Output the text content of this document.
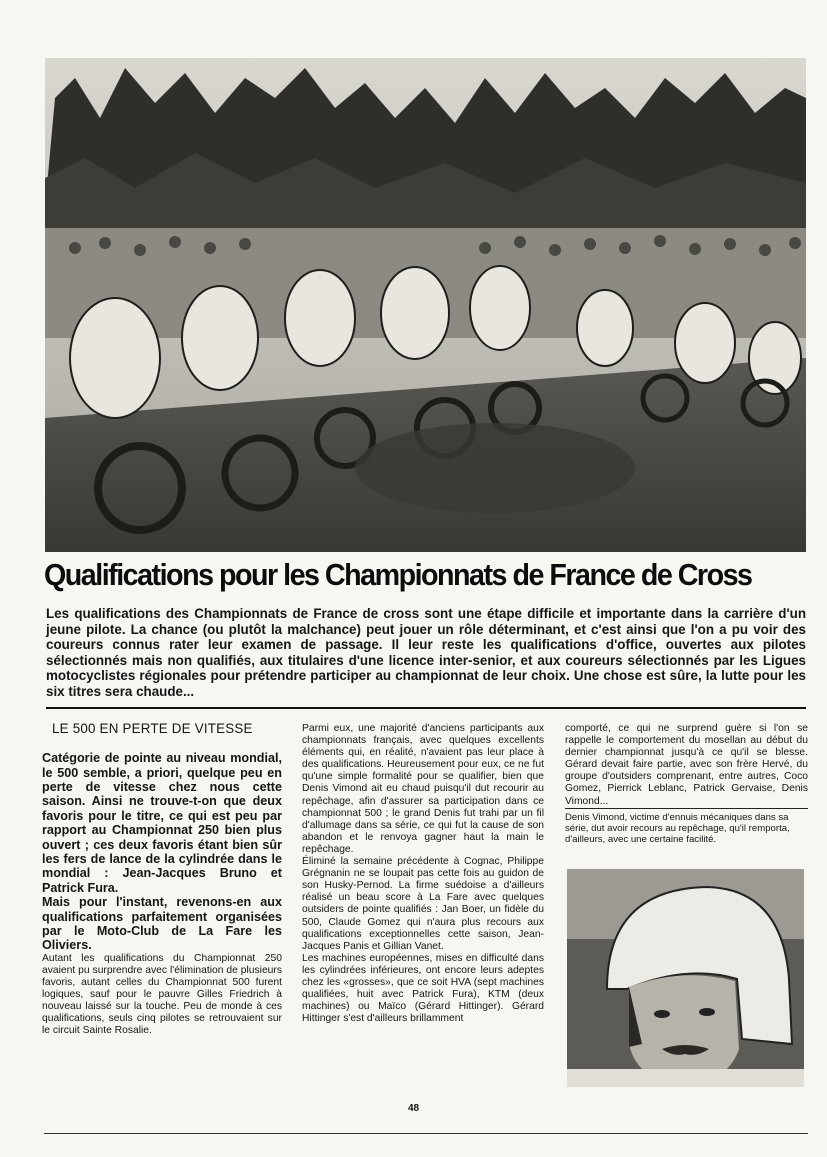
Qualifications pour les Championnats de France de Cross

Les qualifications des Championnats de France de cross sont une étape difficile et importante dans la carrière d'un jeune pilote. La chance (ou plutôt la malchance) peut jouer un rôle déterminant, et c'est ainsi que l'on a pu voir des coureurs connus rater leur examen de passage. Il leur reste les qualifications d'office, ouvertes aux pilotes sélectionnés mais non qualifiés, aux titulaires d'une licence inter-senior, et aux coureurs sélectionnés par les Ligues motocyclistes régionales pour prétendre participer au championnat de leur choix. Une chose est sûre, la lutte pour les six titres sera chaude...

LE 500 EN PERTE DE VITESSE

Catégorie de pointe au niveau mondial, le 500 semble, a priori, quelque peu en perte de vitesse chez nous cette saison. Ainsi ne trouve-t-on que deux favoris pour le titre, ce qui est peu par rapport au Championnat 250 bien plus ouvert ; ces deux favoris étant bien sûr les fers de lance de la cylindrée dans le mondial : Jean-Jacques Bruno et Patrick Fura.

Mais pour l'instant, revenons-en aux qualifications parfaitement organisées par le Moto-Club de La Fare les Oliviers.

Autant les qualifications du Championnat 250 avaient pu surprendre avec l'élimination de plusieurs favoris, autant celles du Championnat 500 furent logiques, sauf pour le pauvre Gilles Friedrich à nouveau laissé sur la touche. Peu de monde à ces qualifications, seuls cinq pilotes se retrouvaient sur le circuit Sainte Rosalie.

Parmi eux, une majorité d'anciens participants aux championnats français, avec quelques excellents éléments qui, en réalité, n'avaient pas leur place à des qualifications. Heureusement pour eux, ce ne fut qu'une simple formalité pour se qualifier, bien que Denis Vimond ait eu chaud puisqu'il dut recourir au repêchage, afin d'assurer sa participation dans ce championnat 500 ; le grand Denis fut trahi par un fil d'allumage dans sa série, ce qui fut la cause de son abandon et le renvoya gagner haut la main le repêchage.

Éliminé la semaine précédente à Cognac, Philippe Grégnanin ne se loupait pas cette fois au guidon de son Husky-Pernod. La firme suédoise a d'ailleurs réalisé un beau score à La Fare avec quelques outsiders de pointe qualifiés : Jan Boer, un fidèle du 500, Claude Gomez qui n'aura plus recours aux qualifications exceptionnelles cette saison, Jean-Jacques Panis et Gillian Vanet.

Les machines européennes, mises en difficulté dans les cylindrées inférieures, ont encore leurs adeptes chez les «grosses», que ce soit HVA (sept machines qualifiées, huit avec Patrick Fura), KTM (deux machines) ou Maïco (Gérard Hittinger). Gérard Hittinger s'est d'ailleurs brillamment

comporté, ce qui ne surprend guère si l'on se rappelle le comportement du mosellan au début du dernier championnat jusqu'à ce qu'il se blesse. Gérard devait faire partie, avec son frère Hervé, du groupe d'outsiders comprenant, entre autres, Coco Gomez, Pierrick Leblanc, Patrick Gervaise, Denis Vimond...

Denis Vimond, victime d'ennuis mécaniques dans sa série, dut avoir recours au repêchage, qu'il remporta, d'ailleurs, avec une certaine facilité.

48
